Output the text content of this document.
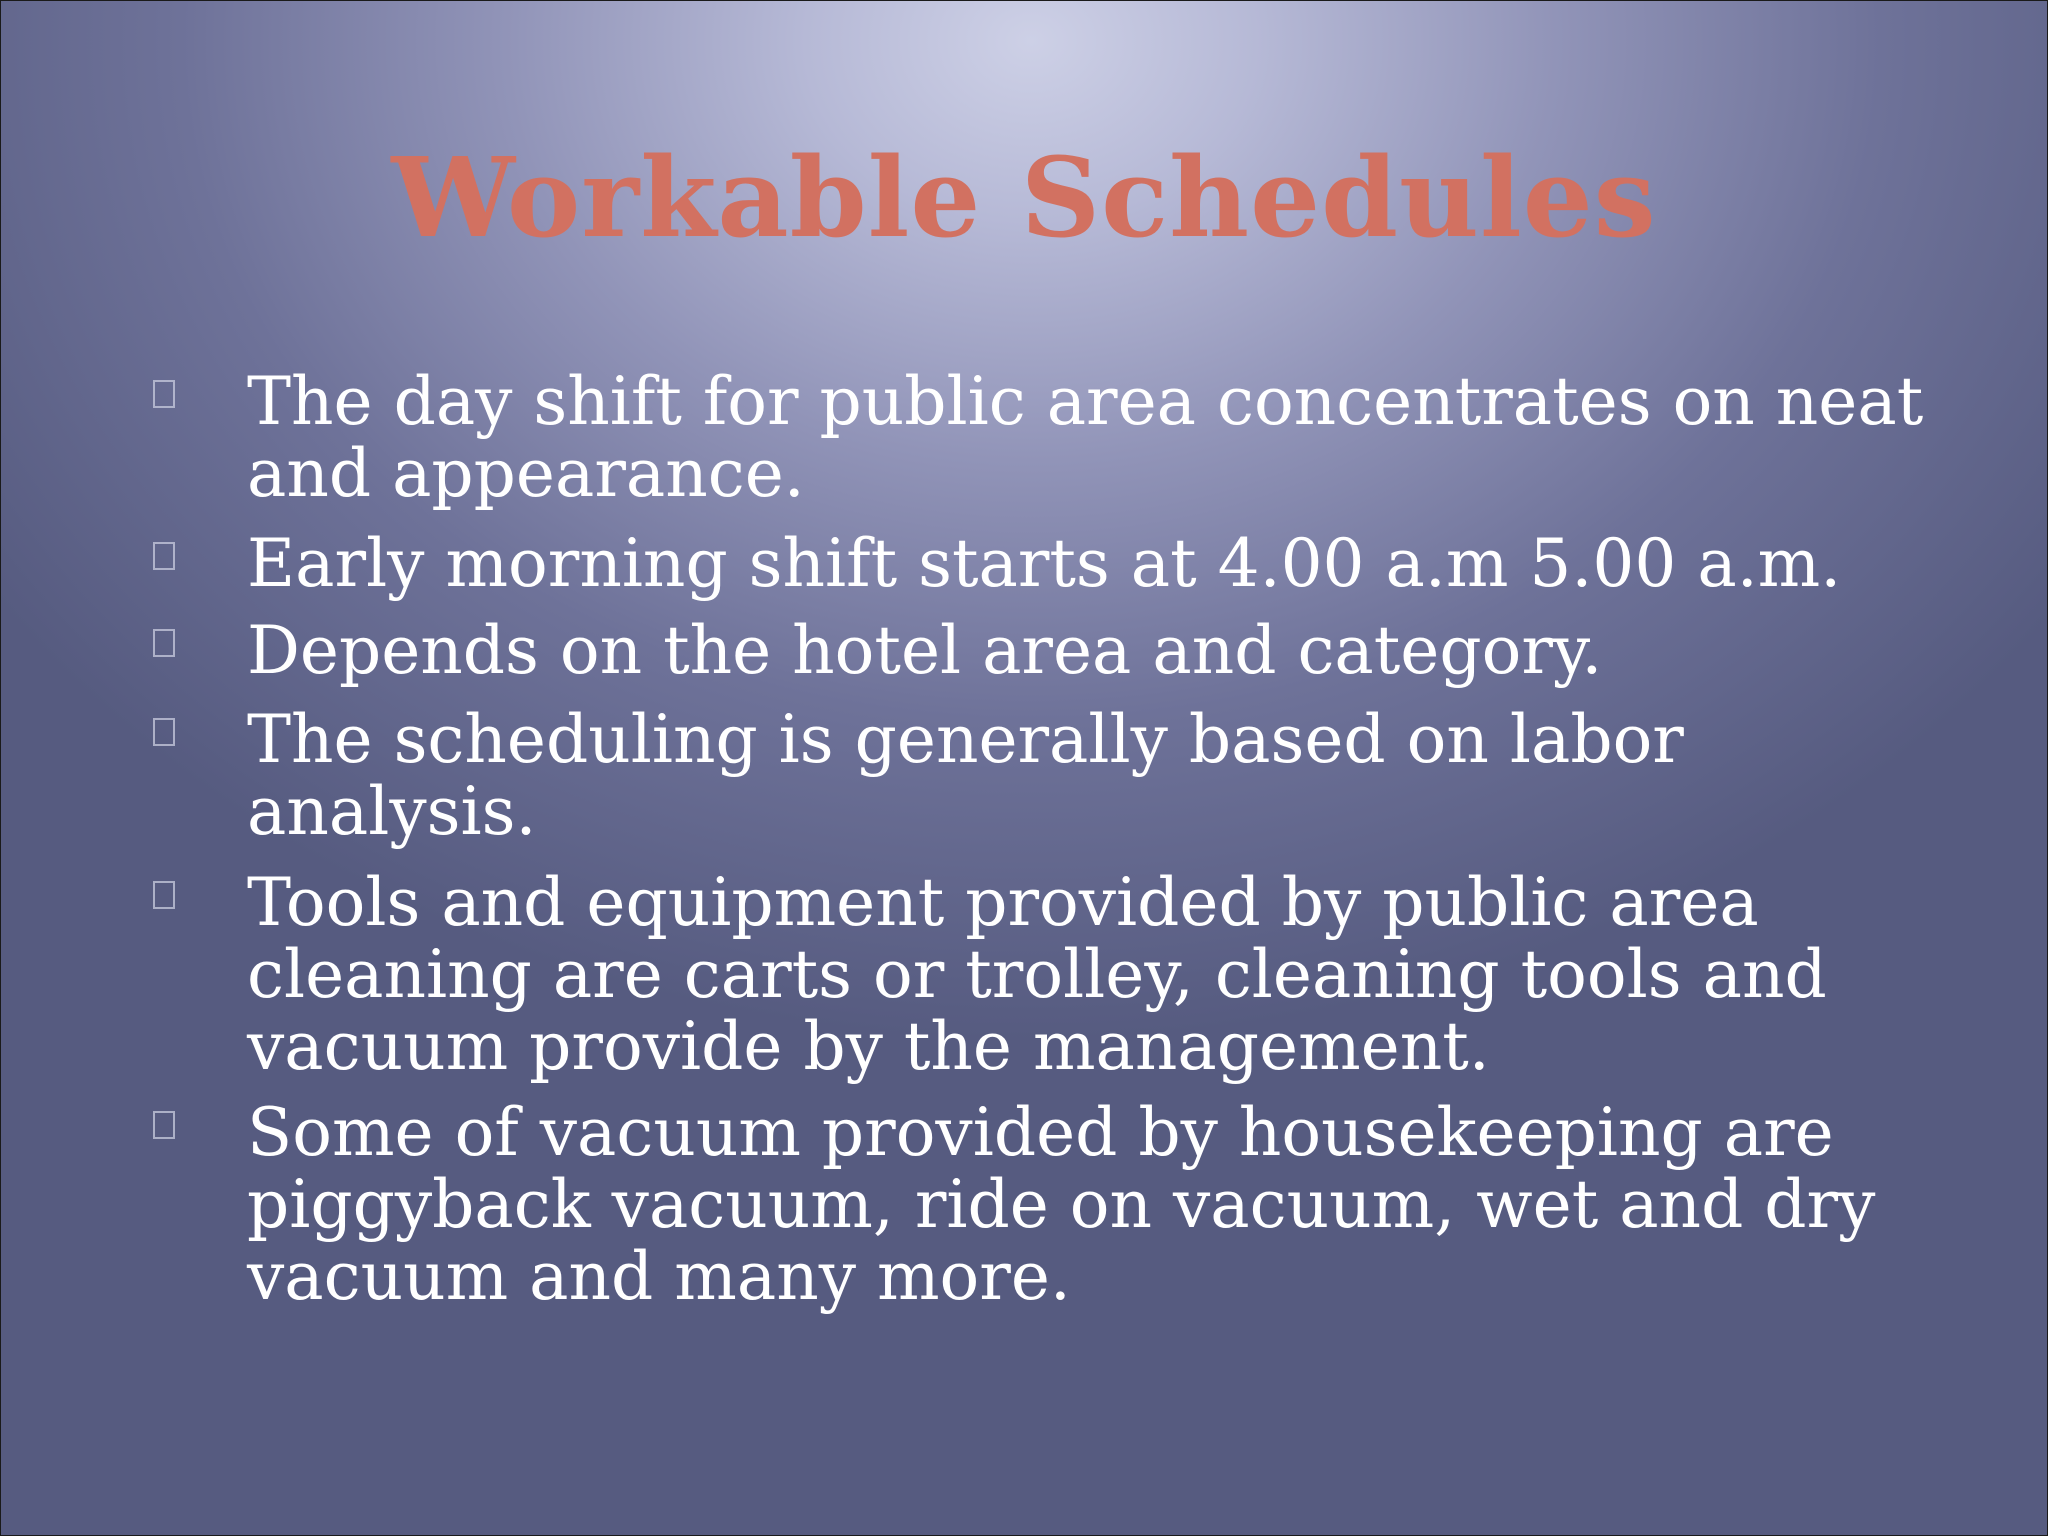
Workable Schedules

The day shift for public area concentrates on neat
and appearance.

Early morning shift starts at 4.00 a.m 5.00 a.m.

Depends on the hotel area and category.

The scheduling is generally based on labor
analysis.

Tools and equipment provided by public area
cleaning are carts or trolley, cleaning tools and
vacuum provide by the management.

Some of vacuum provided by housekeeping are
piggyback vacuum, ride on vacuum, wet and dry
vacuum and many more.
